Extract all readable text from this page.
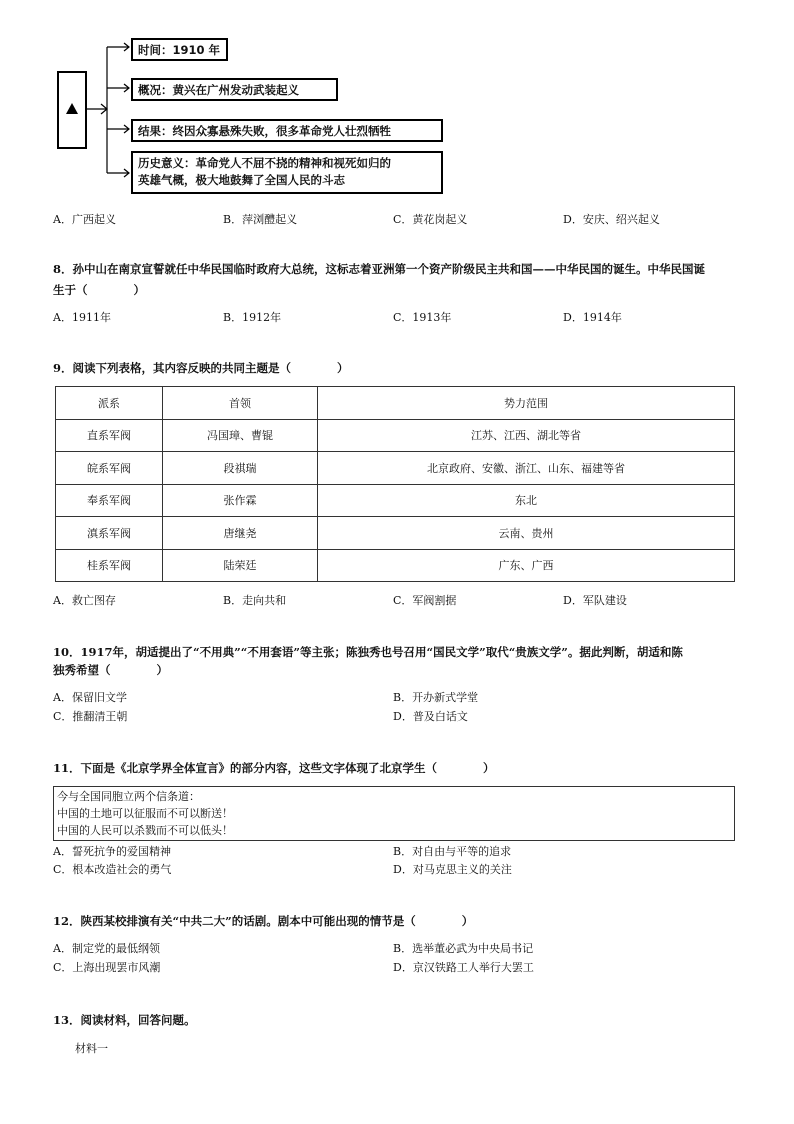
时间：1910 年
概况：黄兴在广州发动武装起义
结果：终因众寡悬殊失败，很多革命党人壮烈牺牲
历史意义：革命党人不屈不挠的精神和视死如归的
英雄气概，极大地鼓舞了全国人民的斗志
A．广西起义	B．萍浏醴起义	C．黄花岗起义	D．安庆、绍兴起义
8．孙中山在南京宣誓就任中华民国临时政府大总统，这标志着亚洲第一个资产阶级民主共和国——中华民国的诞生。中华民国诞
生于（　　　　）
A．1911年	B．1912年	C．1913年	D．1914年
9．阅读下列表格，其内容反映的共同主题是（　　　　）
派系	首领	势力范围
直系军阀	冯国璋、曹锟	江苏、江西、湖北等省
皖系军阀	段祺瑞	北京政府、安徽、浙江、山东、福建等省
奉系军阀	张作霖	东北
滇系军阀	唐继尧	云南、贵州
桂系军阀	陆荣廷	广东、广西
A．救亡图存	B．走向共和	C．军阀割据	D．军队建设
10．1917年，胡适提出了“不用典”“不用套语”等主张；陈独秀也号召用“国民文学”取代“贵族文学”。据此判断，胡适和陈
独秀希望（　　　　）
A．保留旧文学	B．开办新式学堂
C．推翻清王朝	D．普及白话文
11．下面是《北京学界全体宣言》的部分内容，这些文字体现了北京学生（　　　　）
今与全国同胞立两个信条道：
中国的土地可以征服而不可以断送！
中国的人民可以杀戮而不可以低头！
A．誓死抗争的爱国精神	B．对自由与平等的追求
C．根本改造社会的勇气	D．对马克思主义的关注
12．陕西某校排演有关“中共二大”的话剧。剧本中可能出现的情节是（　　　　）
A．制定党的最低纲领	B．选举董必武为中央局书记
C．上海出现罢市风潮	D．京汉铁路工人举行大罢工
13．阅读材料，回答问题。
材料一
